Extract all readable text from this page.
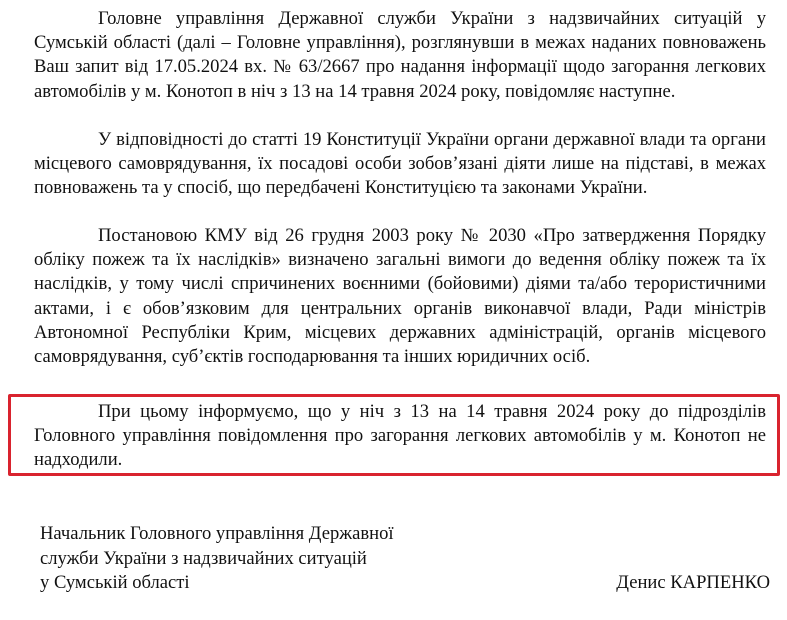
Головне управління Державної служби України з надзвичайних ситуацій у Сумській області (далі – Головне управління), розглянувши в межах наданих повноважень Ваш запит від 17.05.2024 вх. № 63/2667 про надання інформації щодо загорання легкових автомобілів у м. Конотоп в ніч з 13 на 14 травня 2024 року, повідомляє наступне.

У відповідності до статті 19 Конституції України органи державної влади та органи місцевого самоврядування, їх посадові особи зобов’язані діяти лише на підставі, в межах повноважень та у спосіб, що передбачені Конституцією та законами України.

Постановою КМУ від 26 грудня 2003 року № 2030 «Про затвердження Порядку обліку пожеж та їх наслідків» визначено загальні вимоги до ведення обліку пожеж та їх наслідків, у тому числі спричинених воєнними (бойовими) діями та/або терористичними актами, і є обов’язковим для центральних органів виконавчої влади, Ради міністрів Автономної Республіки Крим, місцевих державних адміністрацій, органів місцевого самоврядування, суб’єктів господарювання та інших юридичних осіб.

При цьому інформуємо, що у ніч з 13 на 14 травня 2024 року до підрозділів Головного управління повідомлення про загорання легкових автомобілів у м. Конотоп не надходили.

Начальник Головного управління Державної
служби України з надзвичайних ситуацій
у Сумській області	Денис КАРПЕНКО
